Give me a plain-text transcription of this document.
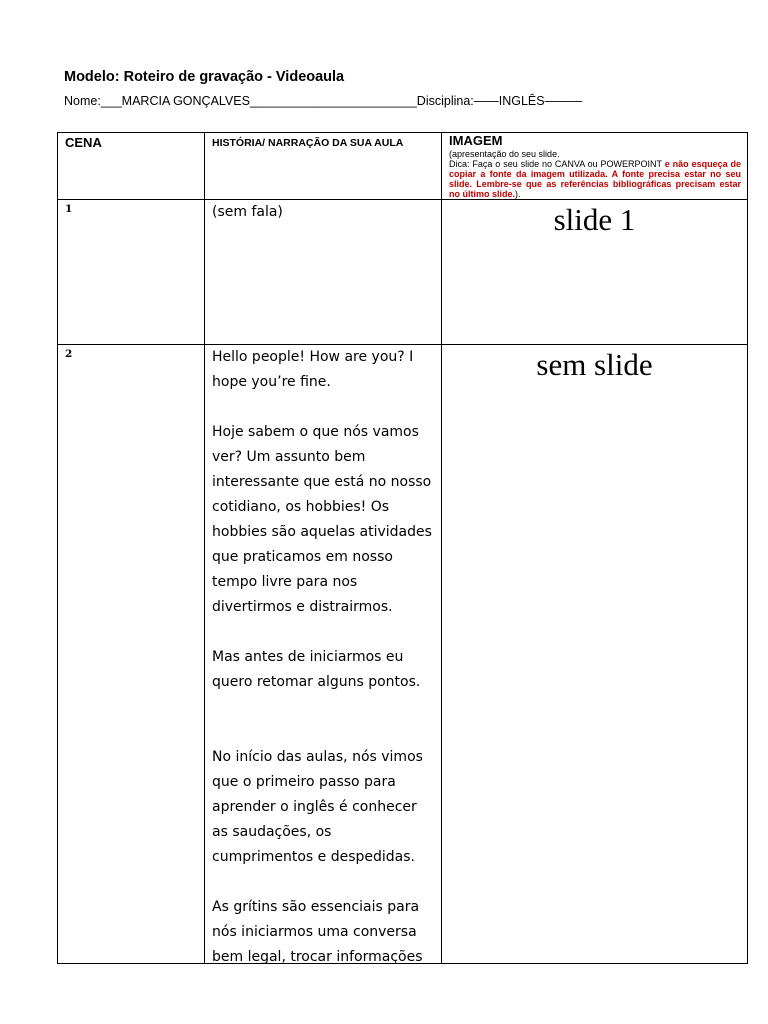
Modelo: Roteiro de gravação - Videoaula
Nome:___MARCIA GONÇALVES________________________Disciplina:——INGLÊS———
CENA	HISTÓRIA/ NARRAÇÃO DA SUA AULA	IMAGEM
(apresentação do seu slide.
Dica: Faça o seu slide no CANVA ou POWERPOINT e não esqueça de copiar a fonte da imagem utilizada. A fonte precisa estar no seu slide. Lembre-se que as referências bibliográficas precisam estar no último slide.).

1	(sem fala)	slide 1

2	Hello people! How are you? I hope you’re fine.

Hoje sabem o que nós vamos ver? Um assunto bem interessante que está no nosso cotidiano, os hobbies! Os hobbies são aquelas atividades que praticamos em nosso tempo livre para nos divertirmos e distrairmos.

Mas antes de iniciarmos eu quero retomar alguns pontos.

No início das aulas, nós vimos que o primeiro passo para aprender o inglês é conhecer as saudações, os cumprimentos e despedidas.

As grítins são essenciais para nós iniciarmos uma conversa bem legal, trocar informações	sem slide
